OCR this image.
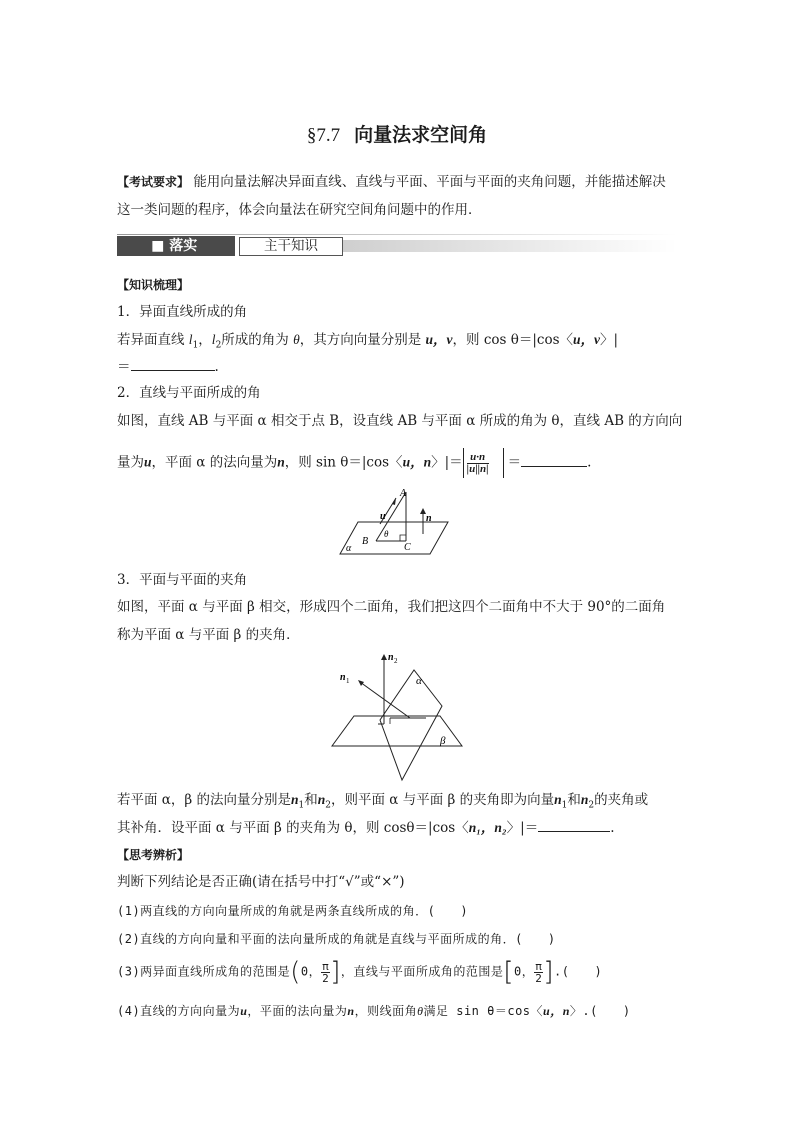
§7.7 向量法求空间角
【考试要求】 能用向量法解决异面直线、直线与平面、平面与平面的夹角问题，并能描述解决
这一类问题的程序，体会向量法在研究空间角问题中的作用．
■ 落实	主干知识
【知识梳理】
1．异面直线所成的角
若异面直线 $l_1$，$l_2$所成的角为 θ，其方向向量分别是 u，v，则 cos θ＝|cos〈u，v〉|
＝	.
2．直线与平面所成的角
如图，直线 AB 与平面 α 相交于点 B，设直线 AB 与平面 α 所成的角为 θ，直线 AB 的方向向
量为u，平面 α 的法向量为n，则 sin θ＝|cos〈u，n〉|＝ $\frac{u\cdot n}{|u||n|}$ ＝	.
A
u	n
θ
B
C
α
3．平面与平面的夹角
如图，平面 α 与平面 β 相交，形成四个二面角，我们把这四个二面角中不大于 90°的二面角
称为平面 α 与平面 β 的夹角．
n 2
n 1	α
β
若平面 α，β 的法向量分别是$n_1$和$n_2$，则平面 α 与平面 β 的夹角即为向量$n_1$和$n_2$的夹角或
其补角．设平面 α 与平面 β 的夹角为 θ，则 cosθ＝|cos〈n₁，n₂〉|＝	.
【思考辨析】
判断下列结论是否正确(请在括号中打“√”或“×”)
(1)两直线的方向向量所成的角就是两条直线所成的角．(　　)
(2)直线的方向向量和平面的法向量所成的角就是直线与平面所成的角．(　　)
(3)两异面直线所成角的范围是(0， $\frac{\pi}{2}$ ]，直线与平面所成角的范围是[0， $\frac{\pi}{2}$ ].(　　)
(4)直线的方向向量为u，平面的法向量为n，则线面角θ满足 sin θ＝cos〈u，n〉.(　　)
